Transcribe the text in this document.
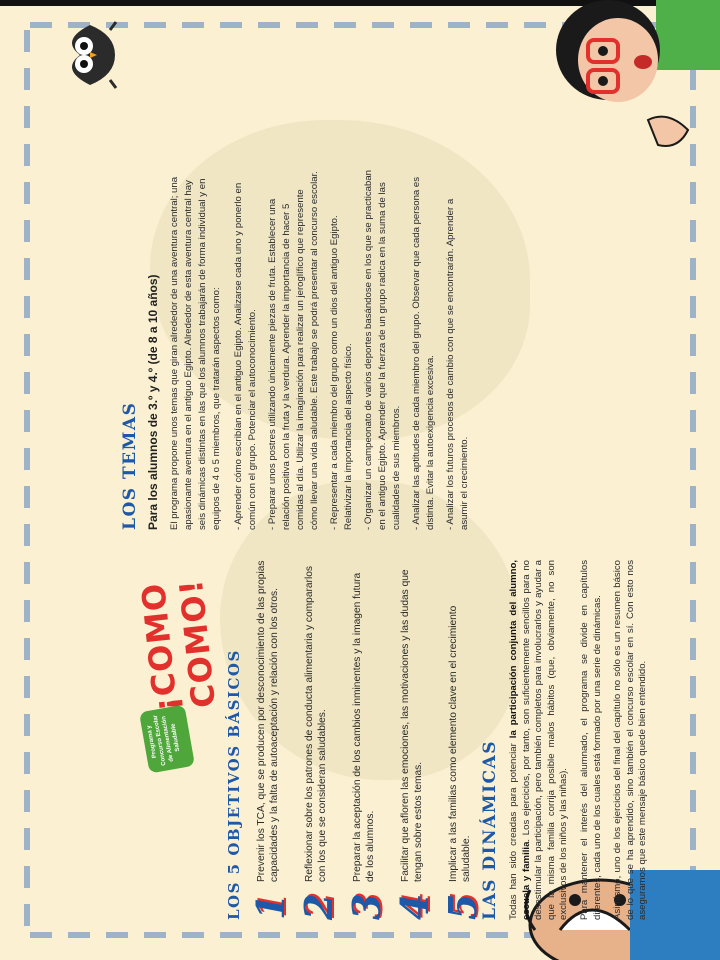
Programa y Concurso Escolar de Alimentación Saludable
¡COMO COMO!
LOS 5 OBJETIVOS BÁSICOS 1
Prevenir los TCA, que se producen por desconocimiento de las propias capacidades y la falta de autoaceptación y relación con los otros.
2
Reflexionar sobre los patrones de conducta alimentaria y compararlos con los que se consideran saludables.
3
Preparar la aceptación de los cambios inminentes y la imagen futura de los alumnos.
4
Facilitar que afloren las emociones, las motivaciones y las dudas que tengan sobre estos temas.
5
Implicar a las familias como elemento clave en el crecimiento saludable. LAS DINÁMICAS Todas han sido creadas para potenciar la participación conjunta del alumno, escuela y familia. Los ejercicios, por tanto, son suficientemente sencillos para no desestimular la participación, pero también completos para involucrarlos y ayudar a que la misma familia corrija posible malos hábitos (que, obviamente, no son exclusivos de los niños y las niñas). Para mantener el interés del alumnado, el programa se divide en capítulos diferentes, cada uno de los cuales está formado por una serie de dinámicas. Asimismo, uno de los ejercicios del final del capítulo no sólo es un resumen básico de lo que se ha aprendido, sino también el concurso escolar en sí. Con esto nos aseguramos que este mensaje básico quede bien entendido.

LOS TEMAS Para los alumnos de 3.º y 4.º (de 8 a 10 años) El programa propone unos temas que giran alrededor de una aventura central; una apasionante aventura en el antiguo Egipto. Alrededor de esta aventura central hay seis dinámicas distintas en las que los alumnos trabajarán de forma individual y en equipos de 4 o 5 miembros, que tratarán aspectos como: - Aprender cómo escribían en el antiguo Egipto. Analizarse cada uno y ponerlo en común con el grupo. Potenciar el autoconocimiento. - Preparar unos postres utilizando únicamente piezas de fruta. Establecer una relación positiva con la fruta y la verdura. Aprender la importancia de hacer 5 comidas al día. Utilizar la imaginación para realizar un jeroglífico que represente cómo llevar una vida saludable. Este trabajo se podrá presentar al concurso escolar. - Representar a cada miembro del grupo como un dios del antiguo Egipto. Relativizar la importancia del aspecto físico. - Organizar un campeonato de varios deportes basándose en los que se practicaban en el antiguo Egipto. Aprender que la fuerza de un grupo radica en la suma de las cualidades de sus miembros. - Analizar las aptitudes de cada miembro del grupo. Observar que cada persona es distinta. Evitar la autoexigencia excesiva. - Analizar los futuros procesos de cambio con que se encontrarán. Aprender a asumir el crecimiento.
